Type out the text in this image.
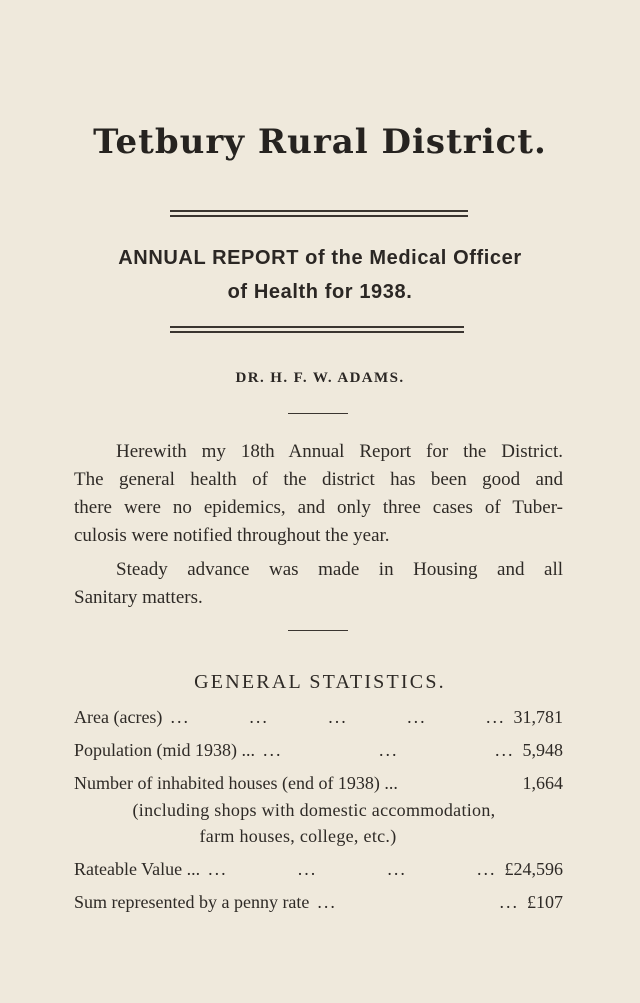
Tetbury Rural District.
ANNUAL REPORT of the Medical Officer
of Health for 1938.
DR. H. F. W. ADAMS.
Herewith my 18th Annual Report for the District.
The general health of the district has been good and
there were no epidemics, and only three cases of Tuber-
culosis were notified throughout the year.
Steady advance was made in Housing and all
Sanitary matters.
GENERAL STATISTICS.
Area (acres) ... ... ... ... ... 31,781
Population (mid 1938) ... ... ... ... 5,948
Number of inhabited houses (end of 1938) ...	1,664
(including shops with domestic accommodation,
farm houses, college, etc.)
Rateable Value ... ... ... ... ... £24,596
Sum represented by a penny rate ... ... £107
